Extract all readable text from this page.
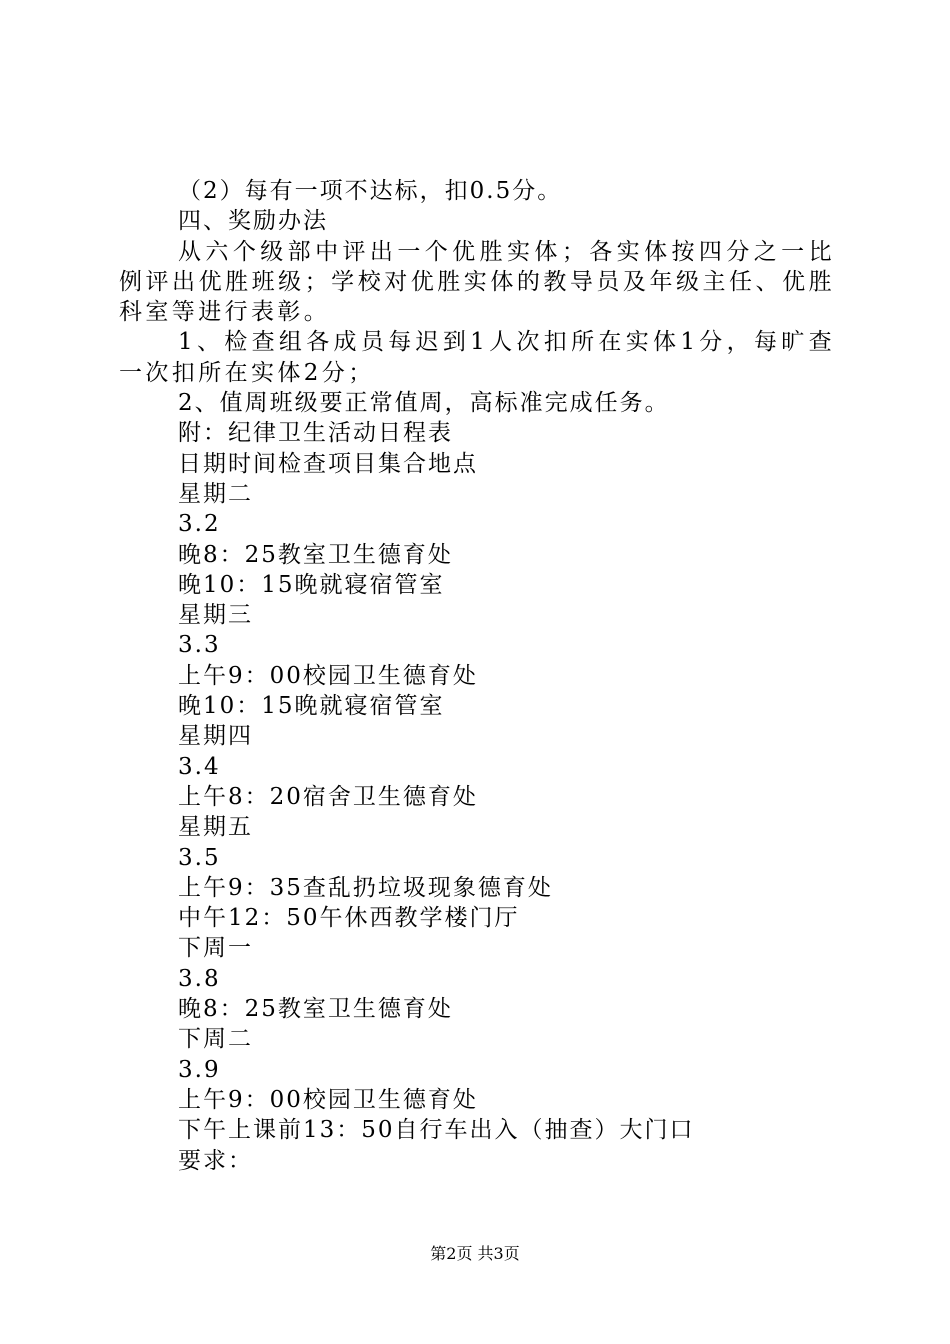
（2）每有一项不达标，扣0.5分。
四、奖励办法

从六个级部中评出一个优胜实体；各实体按四分之一比例评出优胜班级；学校对优胜实体的教导员及年级主任、优胜科室等进行表彰。

1、检查组各成员每迟到1人次扣所在实体1分，每旷查一次扣所在实体2分；

2、值周班级要正常值周，高标准完成任务。
附：纪律卫生活动日程表
日期时间检查项目集合地点
星期二
3.2
晚8：25教室卫生德育处
晚10：15晚就寝宿管室
星期三
3.3
上午9：00校园卫生德育处
晚10：15晚就寝宿管室
星期四
3.4
上午8：20宿舍卫生德育处
星期五
3.5
上午9：35查乱扔垃圾现象德育处
中午12：50午休西教学楼门厅
下周一
3.8
晚8：25教室卫生德育处
下周二
3.9
上午9：00校园卫生德育处
下午上课前13：50自行车出入（抽查）大门口
要求：
第2页 共3页
